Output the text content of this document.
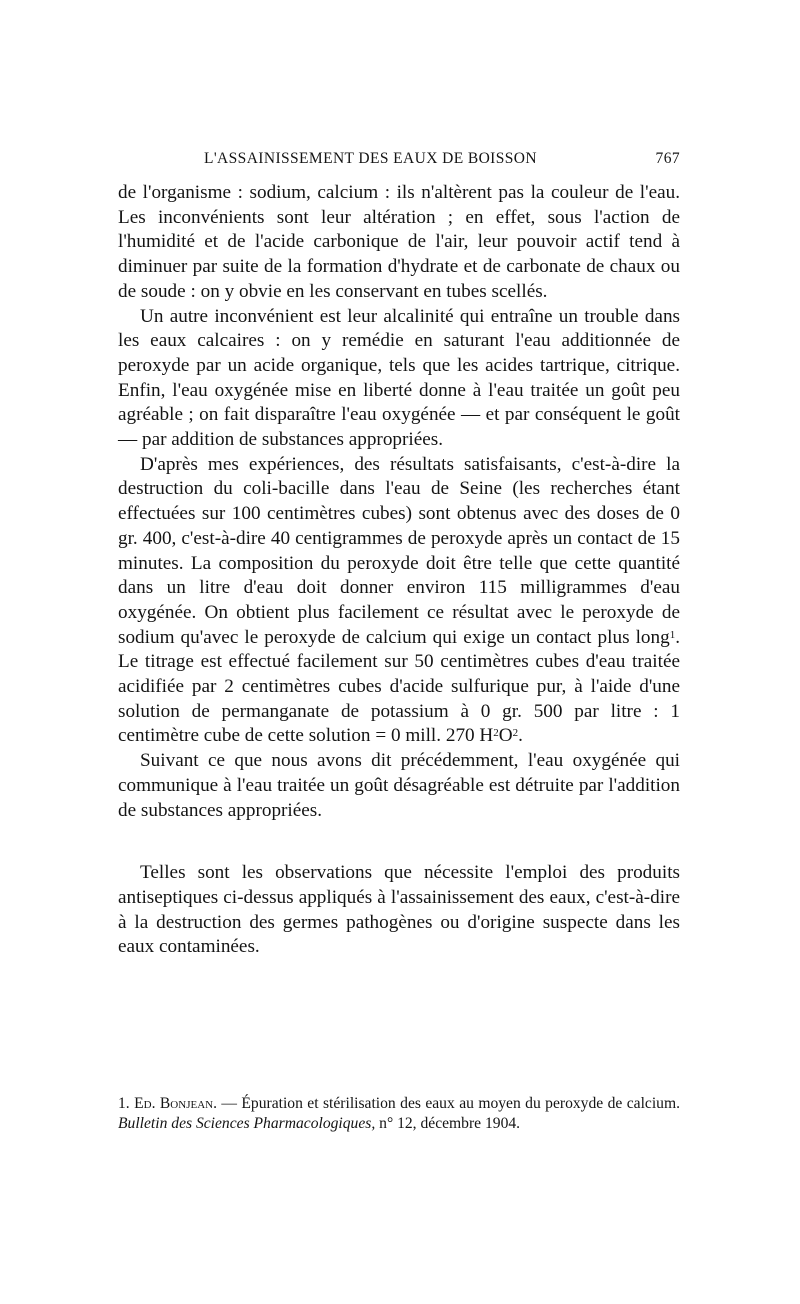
L'ASSAINISSEMENT DES EAUX DE BOISSON	767

de l'organisme : sodium, calcium : ils n'altèrent pas la couleur de l'eau. Les inconvénients sont leur altération ; en effet, sous l'action de l'humidité et de l'acide carbonique de l'air, leur pouvoir actif tend à diminuer par suite de la formation d'hydrate et de carbonate de chaux ou de soude : on y obvie en les conservant en tubes scellés.

Un autre inconvénient est leur alcalinité qui entraîne un trouble dans les eaux calcaires : on y remédie en saturant l'eau additionnée de peroxyde par un acide organique, tels que les acides tartrique, citrique. Enfin, l'eau oxygénée mise en liberté donne à l'eau traitée un goût peu agréable ; on fait disparaître l'eau oxygénée — et par conséquent le goût — par addition de substances appropriées.

D'après mes expériences, des résultats satisfaisants, c'est-à-dire la destruction du coli-bacille dans l'eau de Seine (les recherches étant effectuées sur 100 centimètres cubes) sont obtenus avec des doses de 0 gr. 400, c'est-à-dire 40 centigrammes de peroxyde après un contact de 15 minutes. La composition du peroxyde doit être telle que cette quantité dans un litre d'eau doit donner environ 115 milligrammes d'eau oxygénée. On obtient plus facilement ce résultat avec le peroxyde de sodium qu'avec le peroxyde de calcium qui exige un contact plus long$^1$. Le titrage est effectué facilement sur 50 centimètres cubes d'eau traitée acidifiée par 2 centimètres cubes d'acide sulfurique pur, à l'aide d'une solution de permanganate de potassium à 0 gr. 500 par litre : 1 centimètre cube de cette solution = 0 mill. 270 $H^2O^2$.

Suivant ce que nous avons dit précédemment, l'eau oxygénée qui communique à l'eau traitée un goût désagréable est détruite par l'addition de substances appropriées.

Telles sont les observations que nécessite l'emploi des produits antiseptiques ci-dessus appliqués à l'assainissement des eaux, c'est-à-dire à la destruction des germes pathogènes ou d'origine suspecte dans les eaux contaminées.

1. Ed. Bonjean. — Épuration et stérilisation des eaux au moyen du peroxyde de calcium. Bulletin des Sciences Pharmacologiques, n° 12, décembre 1904.
